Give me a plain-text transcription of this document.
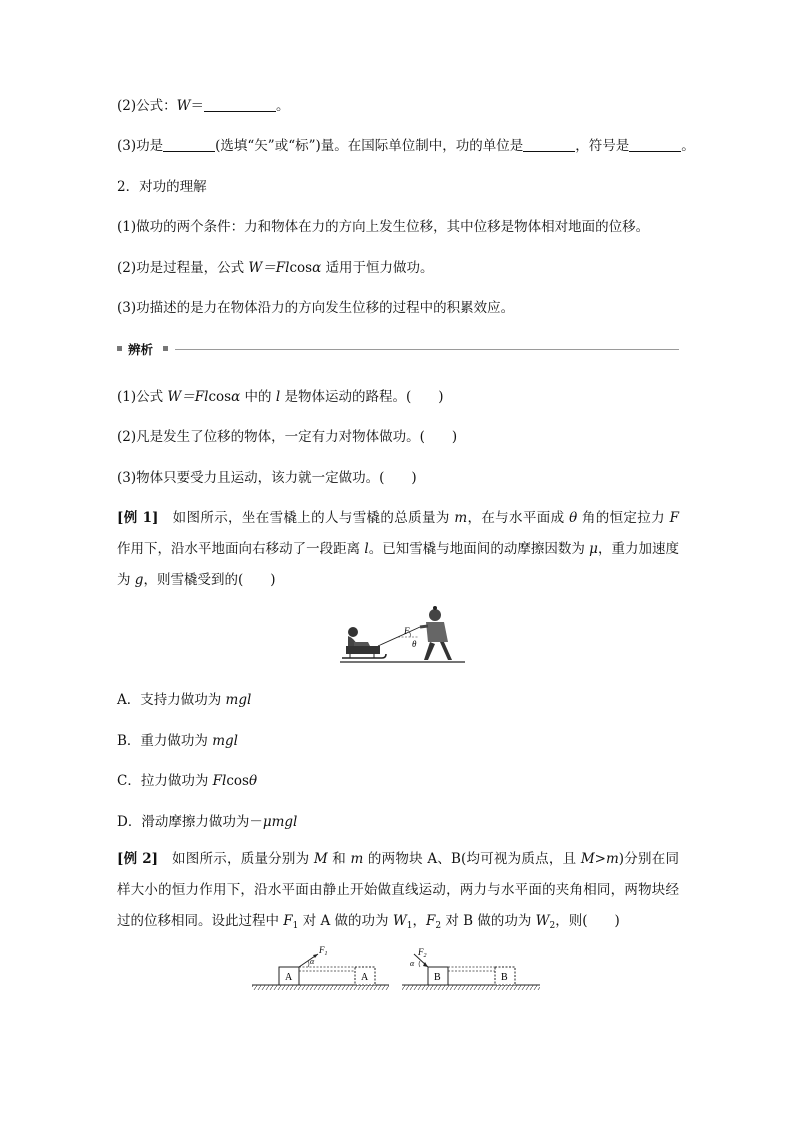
(2)公式：W＝	。
(3)功是	(选填“矢”或“标”)量。在国际单位制中，功的单位是	，符号是	。
2．对功的理解
(1)做功的两个条件：力和物体在力的方向上发生位移，其中位移是物体相对地面的位移。
(2)功是过程量，公式 W＝Flcosα 适用于恒力做功。
(3)功描述的是力在物体沿力的方向发生位移的过程中的积累效应。
辨析
(1)公式 W＝Flcosα 中的 l 是物体运动的路程。(　　)
(2)凡是发生了位移的物体，一定有力对物体做功。(　　)
(3)物体只要受力且运动，该力就一定做功。(　　)
[例 1]　如图所示，坐在雪橇上的人与雪橇的总质量为 m，在与水平面成 θ 角的恒定拉力 F 作用下，沿水平地面向右移动了一段距离 l。已知雪橇与地面间的动摩擦因数为 μ，重力加速度为 g，则雪橇受到的(　　)
F
θ
A．支持力做功为 mgl
B．重力做功为 mgl
C．拉力做功为 Flcosθ
D．滑动摩擦力做功为－μmgl
[例 2]　如图所示，质量分别为 M 和 m 的两物块 A、B(均可视为质点，且 M>m)分别在同样大小的恒力作用下，沿水平面由静止开始做直线运动，两力与水平面的夹角相同，两物块经过的位移相同。设此过程中 $F_1$ 对 A 做的功为 $W_1$，$F_2$ 对 B 做的功为 $W_2$，则(　　)
A	A
$F_1$
α
B	B
$F_2$
α
